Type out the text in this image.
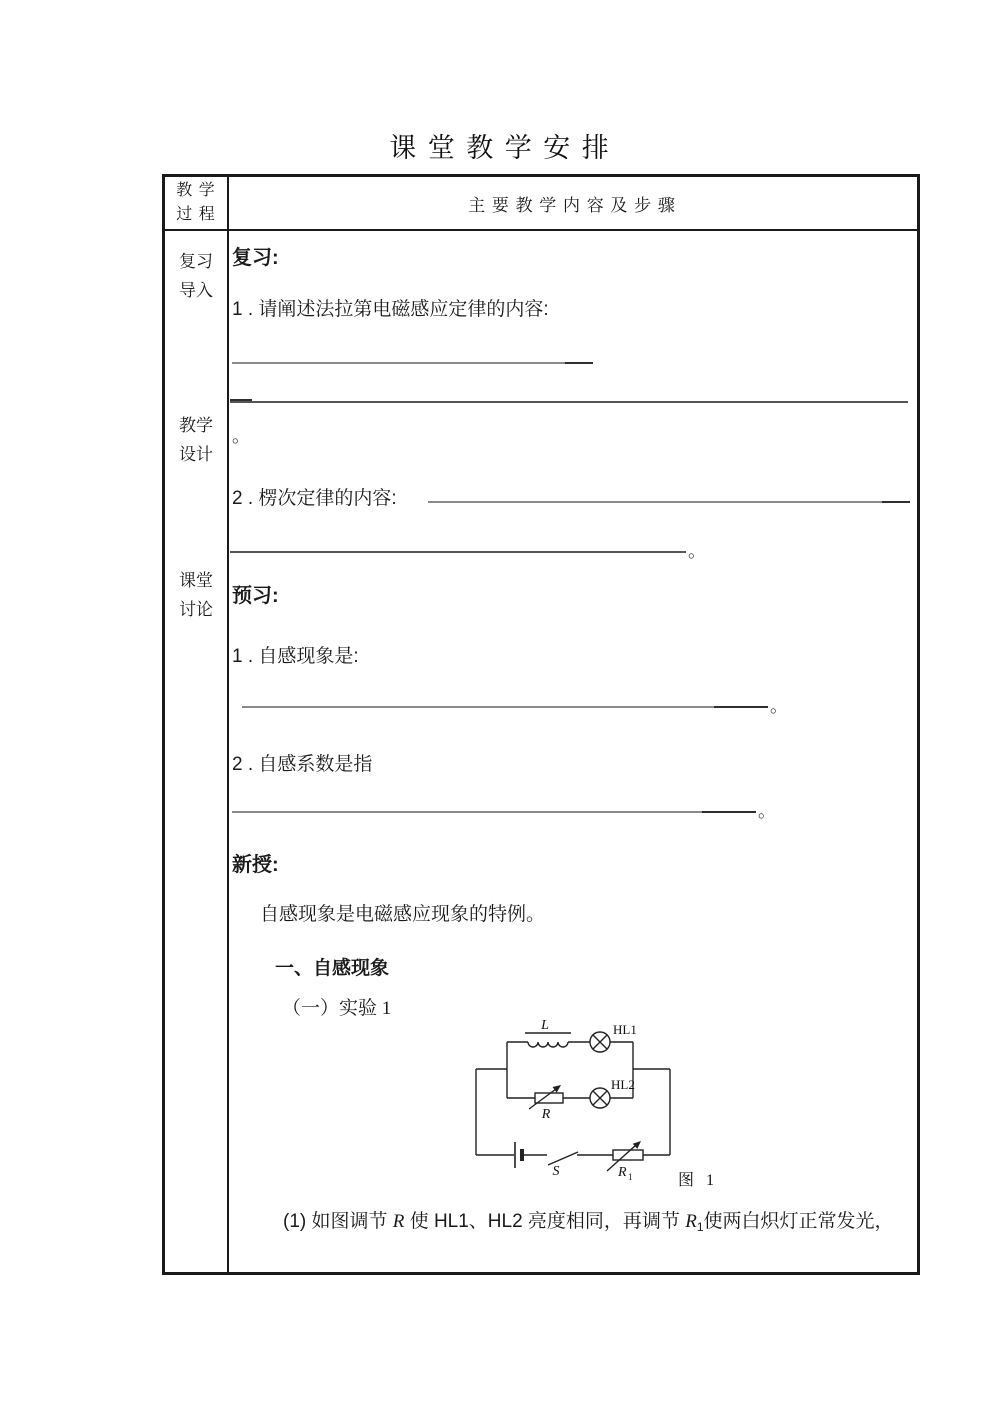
课 堂 教 学 安 排
教 学
过 程	主 要 教 学 内 容 及 步 骤
复习
导入
教学
设计
课堂
讨论
复习:
1 . 请阐述法拉第电磁感应定律的内容:
。
2 . 楞次定律的内容:
。
预习:
1 . 自感现象是:
。
2 . 自感系数是指
。
新授:
自感现象是电磁感应现象的特例。
一、自感现象
（一）实验 1
L	HL1
R
HL2
S	R 1	图 1
(1) 如图调节 R 使 HL1、HL2 亮度相同，再调节 $R_1$使两白炽灯正常发光，
